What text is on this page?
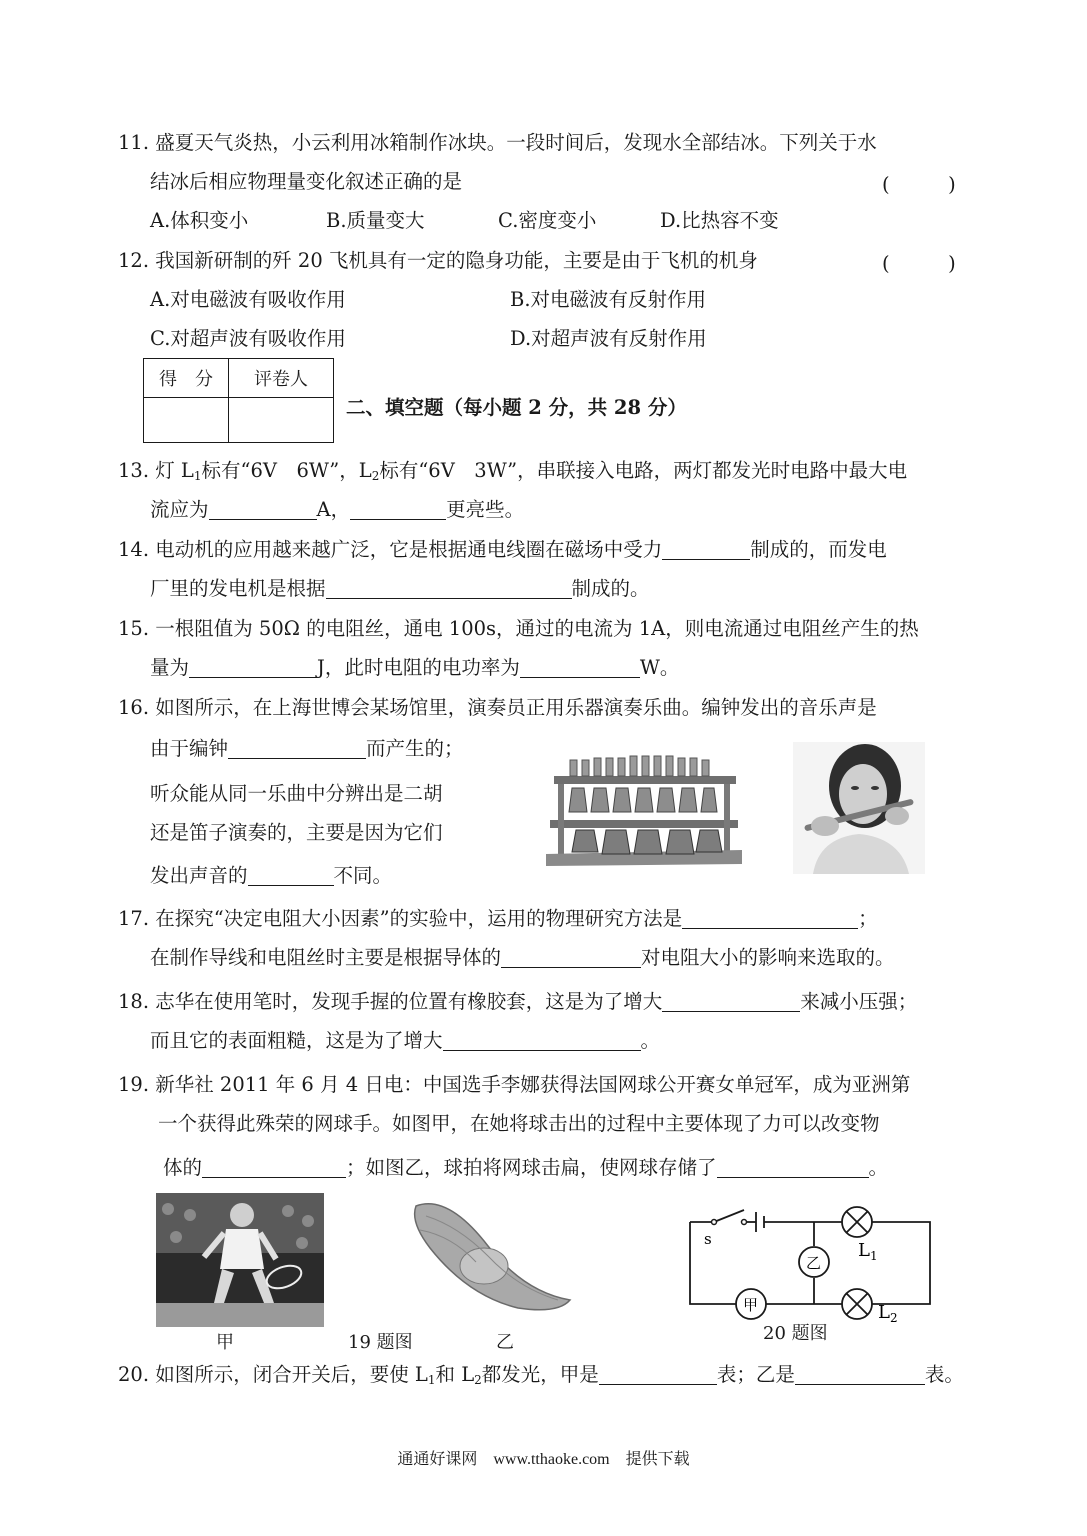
11. 盛夏天气炎热，小云利用冰箱制作冰块。一段时间后，发现水全部结冰。下列关于水
结冰后相应物理量变化叙述正确的是	(　　　)
A.体积变小	B.质量变大	C.密度变小	D.比热容不变
12. 我国新研制的歼 20 飞机具有一定的隐身功能，主要是由于飞机的机身	(　　　)
A.对电磁波有吸收作用	B.对电磁波有反射作用
C.对超声波有吸收作用	D.对超声波有反射作用
得　分	评卷人

二、填空题（每小题 2 分，共 28 分）
13. 灯 $L_1$标有“6V　6W”，$L_2$标有“6V　3W”，串联接入电路，两灯都发光时电路中最大电
流应为	A，	更亮些。
14. 电动机的应用越来越广泛，它是根据通电线圈在磁场中受力	制成的，而发电
厂里的发电机是根据	制成的。
15. 一根阻值为 50Ω 的电阻丝，通电 100s，通过的电流为 1A，则电流通过电阻丝产生的热
量为	J，此时电阻的电功率为	W。
16. 如图所示，在上海世博会某场馆里，演奏员正用乐器演奏乐曲。编钟发出的音乐声是
由于编钟	而产生的；
听众能从同一乐曲中分辨出是二胡
还是笛子演奏的，主要是因为它们
发出声音的	不同。
17. 在探究“决定电阻大小因素”的实验中，运用的物理研究方法是	；
在制作导线和电阻丝时主要是根据导体的	对电阻大小的影响来选取的。
18. 志华在使用笔时，发现手握的位置有橡胶套，这是为了增大	来减小压强；
而且它的表面粗糙，这是为了增大	。
19. 新华社 2011 年 6 月 4 日电：中国选手李娜获得法国网球公开赛女单冠军，成为亚洲第
一个获得此殊荣的网球手。如图甲，在她将球击出的过程中主要体现了力可以改变物
体的	；如图乙，球拍将网球击扁，使网球存储了	。
甲	19 题图	乙
s
乙
甲
$L_1$
$L_2$
20 题图
20. 如图所示，闭合开关后，要使 $L_1$和 $L_2$都发光，甲是	表；乙是	表。
通通好课网　www.tthaoke.com　提供下载
